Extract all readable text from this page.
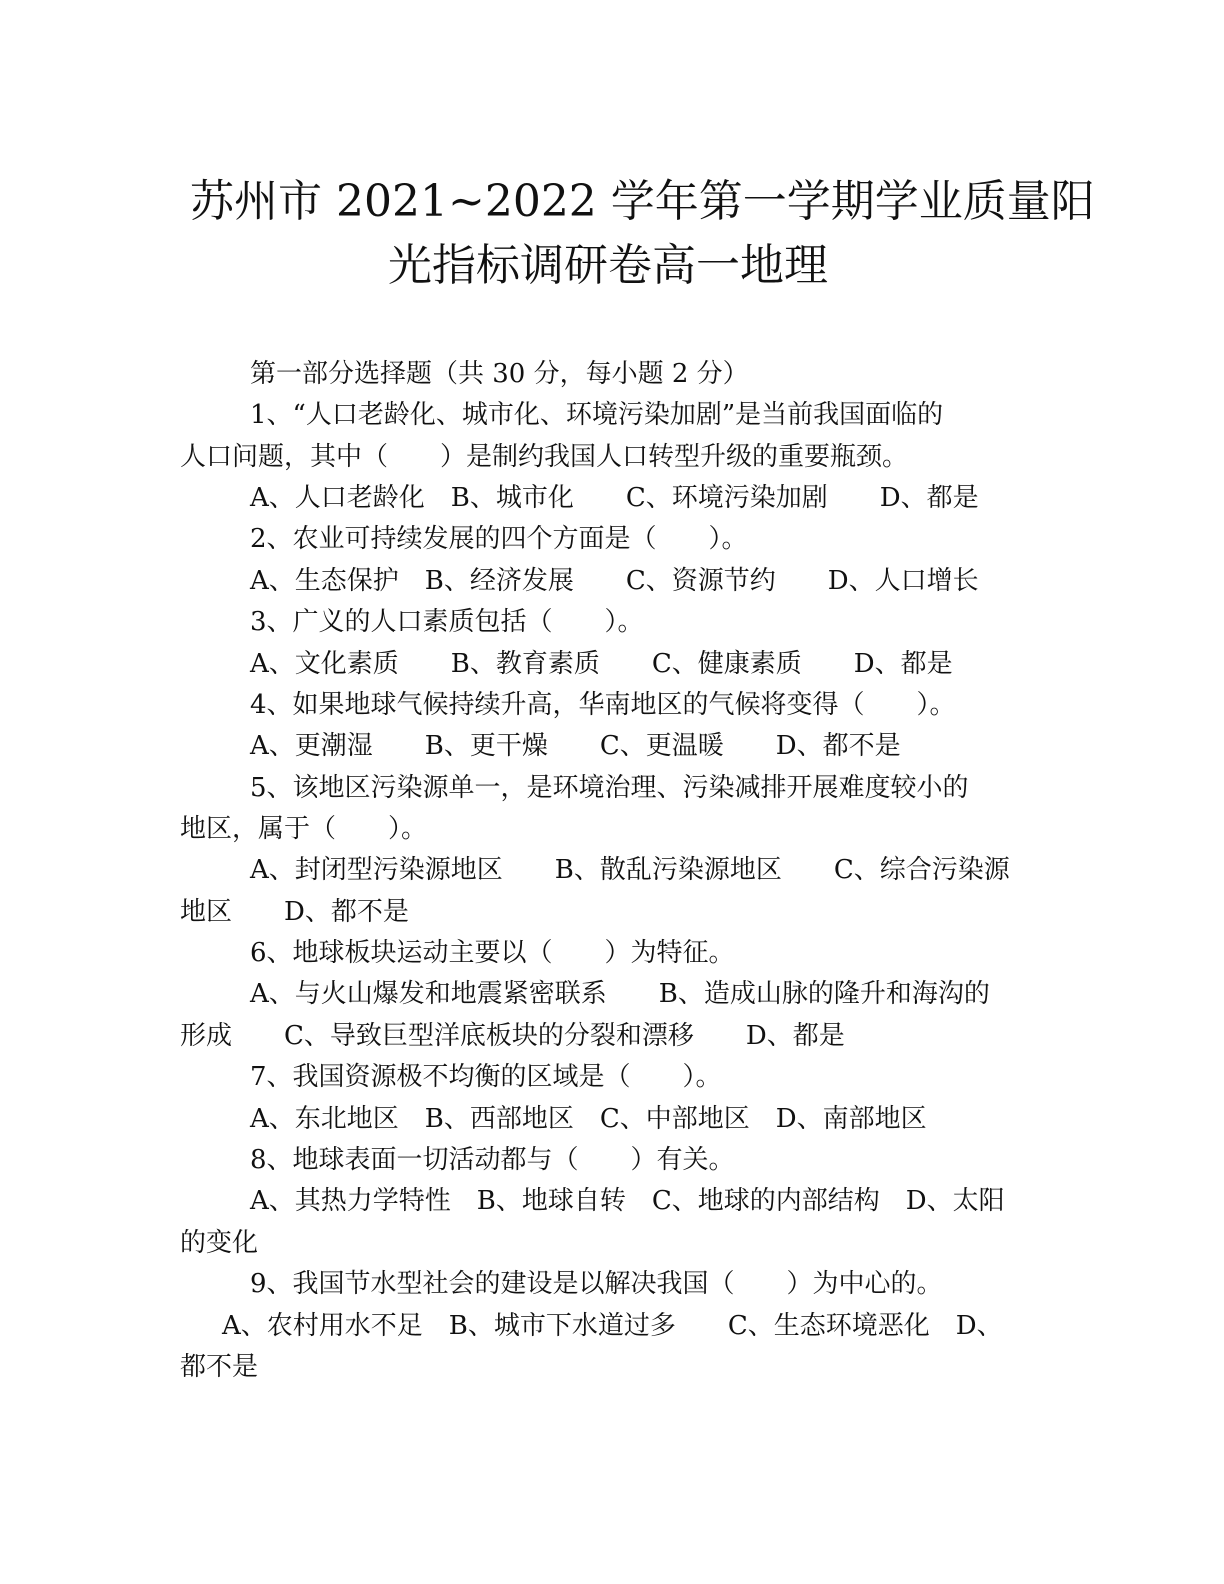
苏州市 2021~2022 学年第一学期学业质量阳
光指标调研卷高一地理
第一部分选择题（共 30 分，每小题 2 分）
1、“人口老龄化、城市化、环境污染加剧”是当前我国面临的
人口问题，其中（　　）是制约我国人口转型升级的重要瓶颈。
A、人口老龄化　B、城市化　　C、环境污染加剧　　D、都是
2、农业可持续发展的四个方面是（　　）。
A、生态保护　B、经济发展　　C、资源节约　　D、人口增长
3、广义的人口素质包括（　　）。
A、文化素质　　B、教育素质　　C、健康素质　　D、都是
4、如果地球气候持续升高，华南地区的气候将变得（　　）。
A、更潮湿　　B、更干燥　　C、更温暖　　D、都不是
5、该地区污染源单一，是环境治理、污染减排开展难度较小的
地区，属于（　　）。
A、封闭型污染源地区　　B、散乱污染源地区　　C、综合污染源
地区　　D、都不是
6、地球板块运动主要以（　　）为特征。
A、与火山爆发和地震紧密联系　　B、造成山脉的隆升和海沟的
形成　　C、导致巨型洋底板块的分裂和漂移　　D、都是
7、我国资源极不均衡的区域是（　　）。
A、东北地区　B、西部地区　C、中部地区　D、南部地区
8、地球表面一切活动都与（　　）有关。
A、其热力学特性　B、地球自转　C、地球的内部结构　D、太阳
的变化
9、我国节水型社会的建设是以解决我国（　　）为中心的。
A、农村用水不足　B、城市下水道过多　　C、生态环境恶化　D、
都不是
